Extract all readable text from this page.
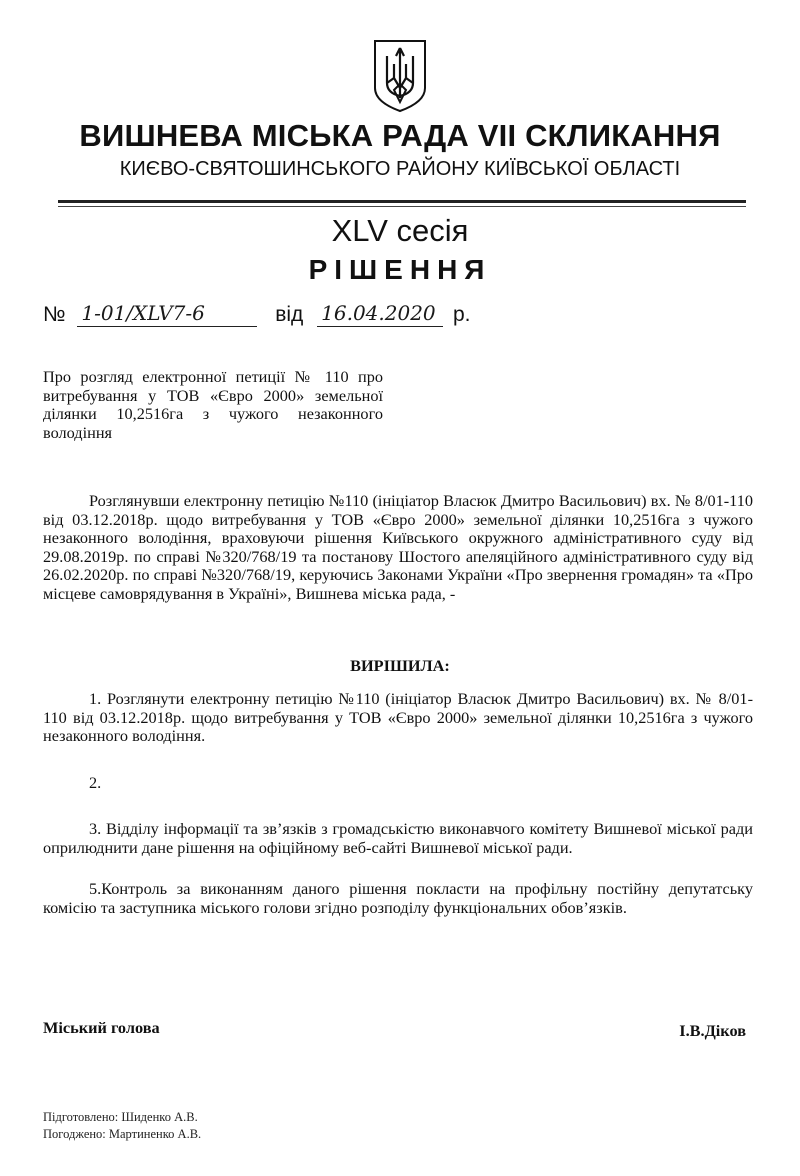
ВИШНЕВА МІСЬКА РАДА VII СКЛИКАННЯ
КИЄВО-СВЯТОШИНСЬКОГО РАЙОНУ КИЇВСЬКОЇ ОБЛАСТІ
XLV сесія
РІШЕННЯ
№ 1-01/XLV7-6	від 16.04.2020 р.
Про розгляд електронної петиції № 110 про витребування у ТОВ «Євро 2000» земельної ділянки 10,2516га з чужого незаконного володіння
Розглянувши електронну петицію №110 (ініціатор Власюк Дмитро Васильович) вх. № 8/01-110 від 03.12.2018р. щодо витребування у ТОВ «Євро 2000» земельної ділянки 10,2516га з чужого незаконного володіння, враховуючи рішення Київського окружного адміністративного суду від 29.08.2019р. по справі №320/768/19 та постанову Шостого апеляційного адміністративного суду від 26.02.2020р. по справі №320/768/19, керуючись Законами України «Про звернення громадян» та «Про місцеве самоврядування в Україні», Вишнева міська рада, -
ВИРІШИЛА:
1. Розглянути електронну петицію №110 (ініціатор Власюк Дмитро Васильович) вх. № 8/01-110 від 03.12.2018р. щодо витребування у ТОВ «Євро 2000» земельної ділянки 10,2516га з чужого незаконного володіння.
2.
3. Відділу інформації та зв’язків з громадськістю виконавчого комітету Вишневої міської ради оприлюднити дане рішення на офіційному веб-сайті Вишневої міської ради.
5.Контроль за виконанням даного рішення покласти на профільну постійну депутатську комісію та заступника міського голови згідно розподілу функціональних обов’язків.
Міський голова	І.В.Діков
Підготовлено: Шиденко А.В.
Погоджено: Мартиненко А.В.
